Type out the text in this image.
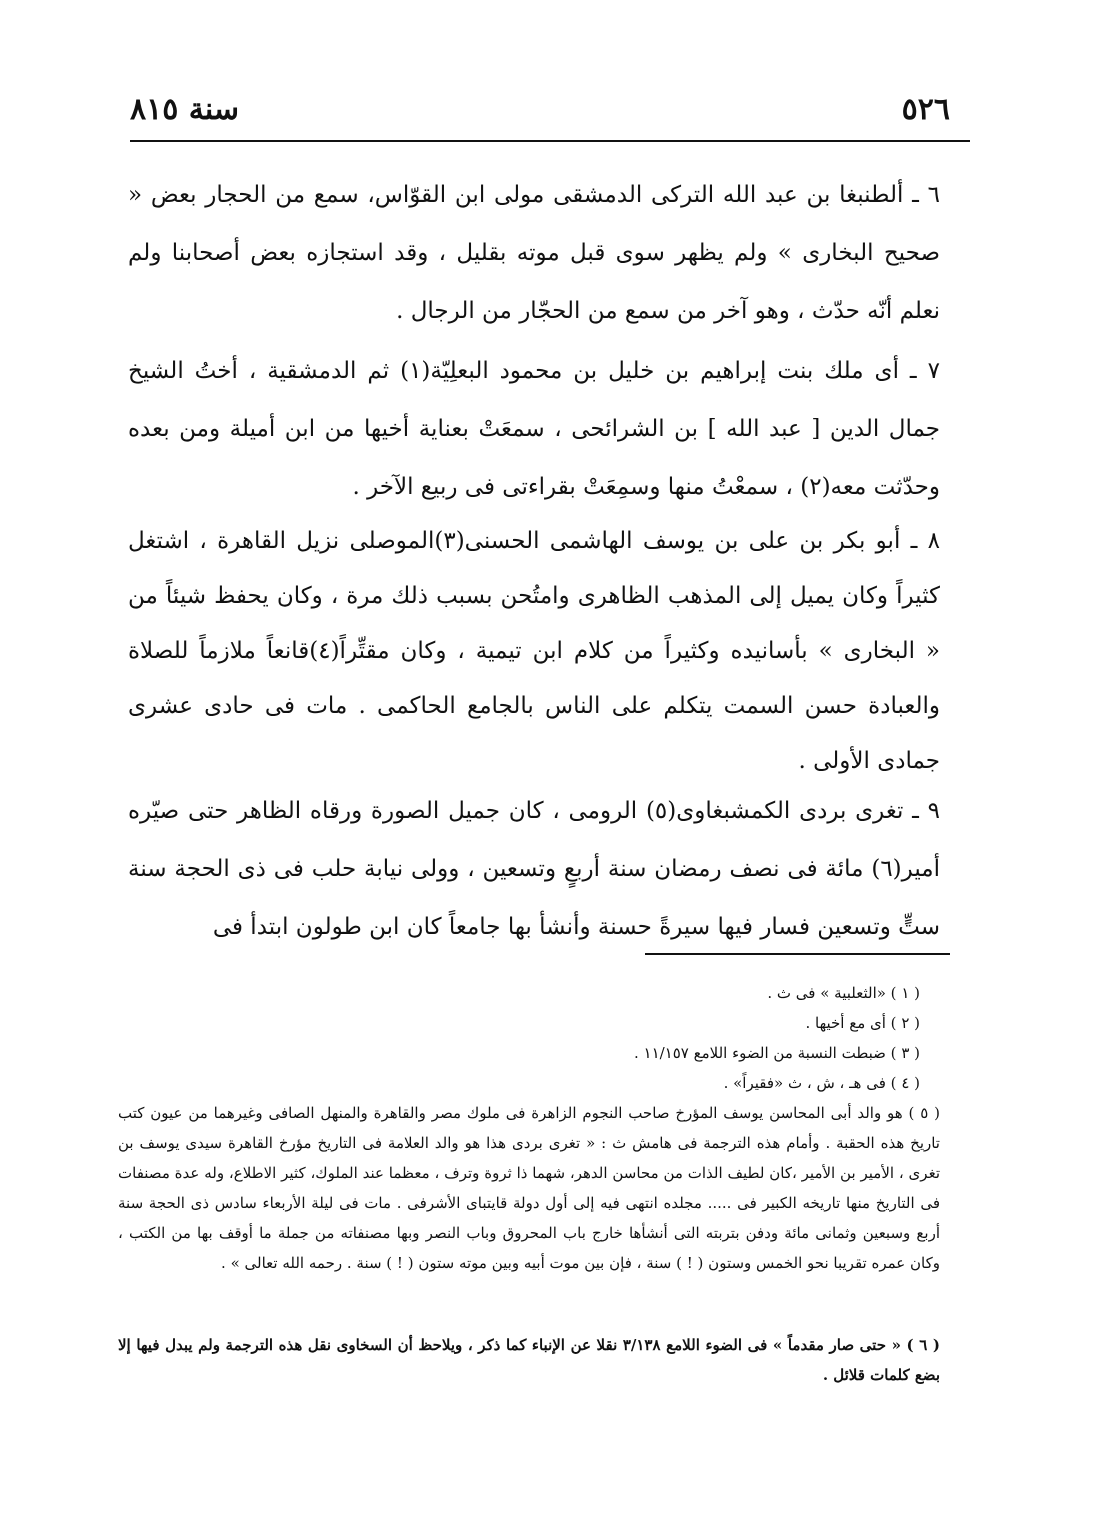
٥٢٦
سنة ٨١٥
٦ ـ ألطنبغا بن عبد الله التركى الدمشقى مولى ابن القوّاس، سمع من الحجار بعض « صحيح البخارى » ولم يظهر سوى قبل موته بقليل ، وقد استجازه بعض أصحابنا ولم نعلم أنّه حدّث ، وهو آخر من سمع من الحجّار من الرجال .
٧ ـ أى ملك بنت إبراهيم بن خليل بن محمود البعلِيّة(١) ثم الدمشقية ، أختُ الشيخ جمال الدين [ عبد الله ] بن الشرائحى ، سمعَتْ بعناية أخيها من ابن أميلة ومن بعده وحدّثت معه(٢) ، سمعْتُ منها وسمِعَتْ بقراءتى فى ربيع الآخر .
٨ ـ أبو بكر بن على بن يوسف الهاشمى الحسنى(٣)الموصلى نزيل القاهرة ، اشتغل كثيراً وكان يميل إلى المذهب الظاهرى وامتُحن بسبب ذلك مرة ، وكان يحفظ شيئاً من « البخارى » بأسانيده وكثيراً من كلام ابن تيمية ، وكان مقتِّراً(٤)قانعاً ملازماً للصلاة والعبادة حسن السمت يتكلم على الناس بالجامع الحاكمى . مات فى حادى عشرى جمادى الأولى .
٩ ـ تغرى بردى الكمشبغاوى(٥) الرومى ، كان جميل الصورة ورقاه الظاهر حتى صيّره أمير(٦) مائة فى نصف رمضان سنة أربعٍ وتسعين ، وولى نيابة حلب فى ذى الحجة سنة ستٍّ وتسعين فسار فيها سيرةً حسنة وأنشأ بها جامعاً كان ابن طولون ابتدأ فى
( ١ ) «الثعلبية » فى ث .
( ٢ ) أى مع أخيها .
( ٣ ) ضبطت النسبة من الضوء اللامع ١١/١٥٧ .
( ٤ ) فى هـ ، ش ، ث «فقيراً» .
( ٥ ) هو والد أبى المحاسن يوسف المؤرخ صاحب النجوم الزاهرة فى ملوك مصر والقاهرة والمنهل الصافى وغيرهما من عيون كتب تاريخ هذه الحقبة . وأمام هذه الترجمة فى هامش ث : « تغرى بردى هذا هو والد العلامة فى التاريخ مؤرخ القاهرة سيدى يوسف بن تغرى ، الأمير بن الأمير ،كان لطيف الذات من محاسن الدهر، شهما ذا ثروة وترف ، معظما عند الملوك، كثير الاطلاع، وله عدة مصنفات فى التاريخ منها تاريخه الكبير فى ..... مجلده انتهى فيه إلى أول دولة قايتباى الأشرفى . مات فى ليلة الأربعاء سادس ذى الحجة سنة أربع وسبعين وثمانى مائة ودفن بتربته التى أنشأها خارج باب المحروق وباب النصر وبها مصنفاته من جملة ما أوقف بها من الكتب ، وكان عمره تقريبا نحو الخمس وستون ( ! ) سنة ، فإن بين موت أبيه وبين موته ستون ( ! ) سنة . رحمه الله تعالى » .
( ٦ ) « حتى صار مقدماً » فى الضوء اللامع ٣/١٣٨ نقلا عن الإنباء كما ذكر ، ويلاحظ أن السخاوى نقل هذه الترجمة ولم يبدل فيها إلا بضع كلمات قلائل .
